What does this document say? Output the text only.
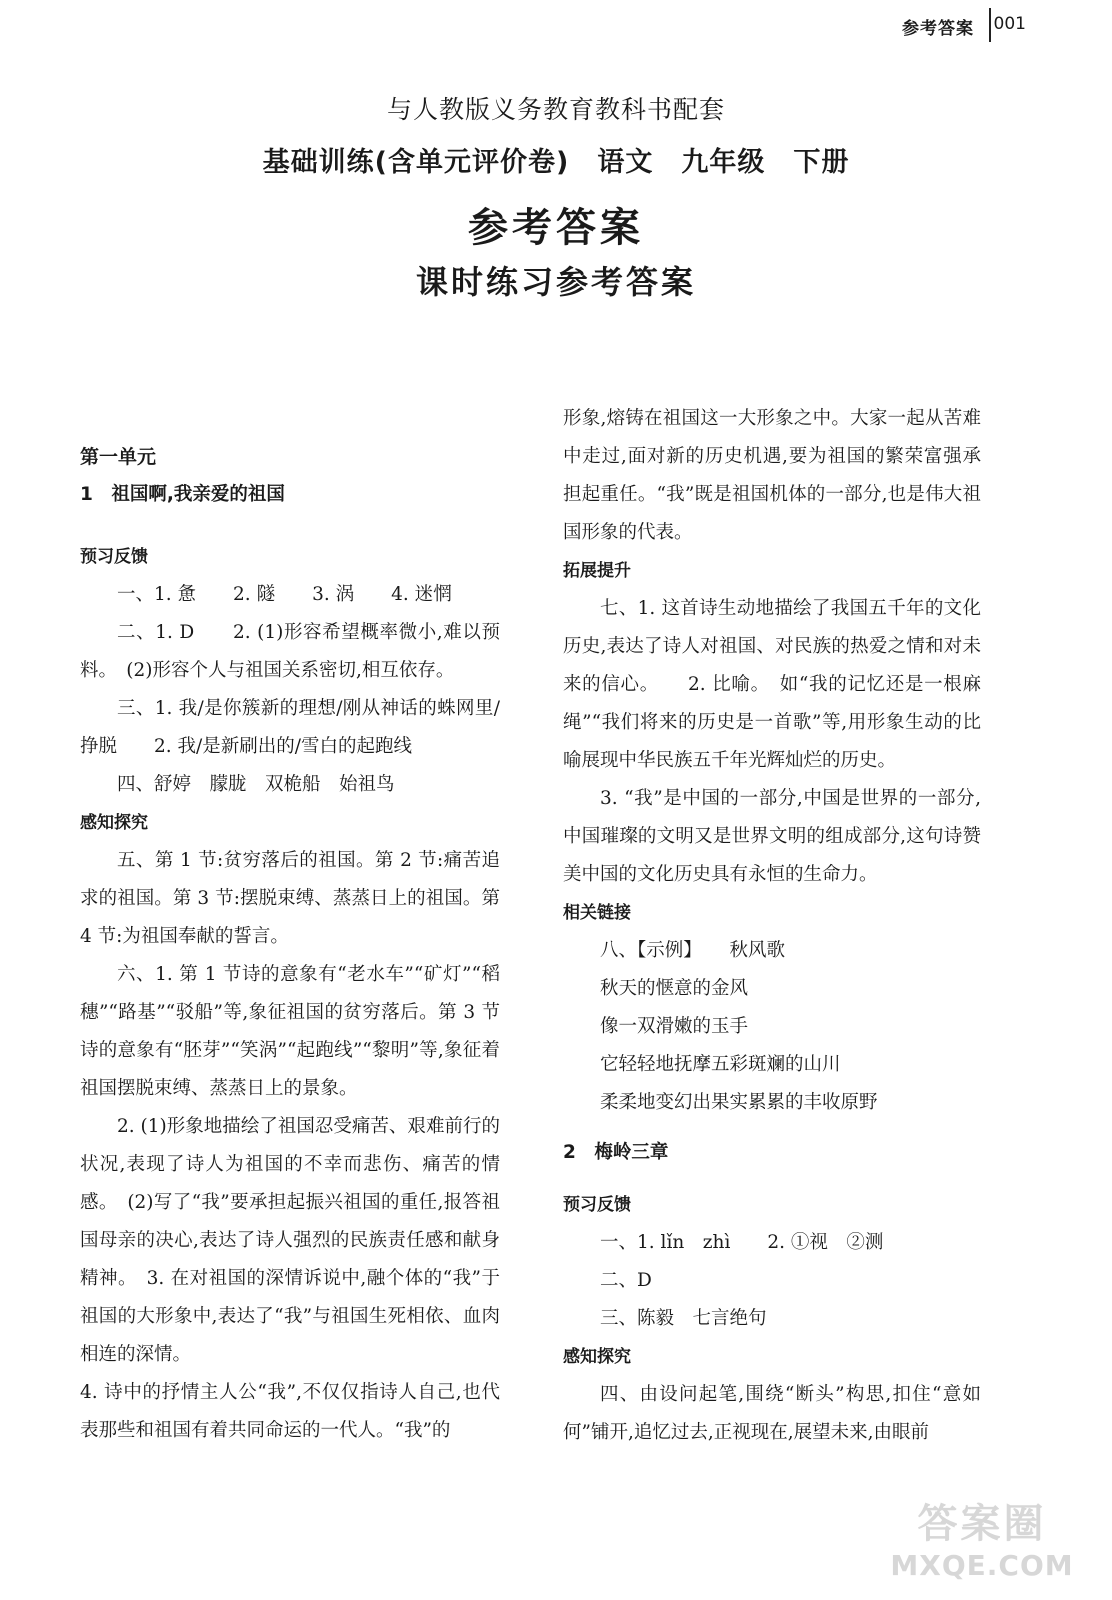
参考答案 001
与人教版义务教育教科书配套
基础训练(含单元评价卷)　语文　九年级　下册
参考答案
课时练习参考答案

第一单元

1　祖国啊,我亲爱的祖国

预习反馈

一、1. 惫　　2. 隧　　3. 涡　　4. 迷惘

二、1. D　　2. (1)形容希望概率微小,难以预料。　(2)形容个人与祖国关系密切,相互依存。

三、1. 我/是你簇新的理想/刚从神话的蛛网里/挣脱　　2. 我/是新刷出的/雪白的起跑线

四、舒婷　朦胧　双桅船　始祖鸟

感知探究

五、第 1 节:贫穷落后的祖国。第 2 节:痛苦追求的祖国。第 3 节:摆脱束缚、蒸蒸日上的祖国。第 4 节:为祖国奉献的誓言。

六、1. 第 1 节诗的意象有“老水车”“矿灯”“稻穗”“路基”“驳船”等,象征祖国的贫穷落后。第 3 节诗的意象有“胚芽”“笑涡”“起跑线”“黎明”等,象征着祖国摆脱束缚、蒸蒸日上的景象。

2. (1)形象地描绘了祖国忍受痛苦、艰难前行的状况,表现了诗人为祖国的不幸而悲伤、痛苦的情感。　(2)写了“我”要承担起振兴祖国的重任,报答祖国母亲的决心,表达了诗人强烈的民族责任感和献身精神。　3. 在对祖国的深情诉说中,融个体的“我”于祖国的大形象中,表达了“我”与祖国生死相依、血肉相连的深情。

4. 诗中的抒情主人公“我”,不仅仅指诗人自己,也代表那些和祖国有着共同命运的一代人。“我”的

形象,熔铸在祖国这一大形象之中。大家一起从苦难中走过,面对新的历史机遇,要为祖国的繁荣富强承担起重任。“我”既是祖国机体的一部分,也是伟大祖国形象的代表。

拓展提升

七、1. 这首诗生动地描绘了我国五千年的文化历史,表达了诗人对祖国、对民族的热爱之情和对未来的信心。　　2. 比喻。　如“我的记忆还是一根麻绳”“我们将来的历史是一首歌”等,用形象生动的比喻展现中华民族五千年光辉灿烂的历史。

3. “我”是中国的一部分,中国是世界的一部分,中国璀璨的文明又是世界文明的组成部分,这句诗赞美中国的文化历史具有永恒的生命力。

相关链接

八、【示例】　　秋风歌

秋天的惬意的金风

像一双滑嫩的玉手

它轻轻地抚摩五彩斑斓的山川

柔柔地变幻出果实累累的丰收原野

2　梅岭三章

预习反馈

一、1. lǐn　zhì　　2. ①视　②测

二、D

三、陈毅　七言绝句

感知探究

四、由设问起笔,围绕“断头”构思,扣住“意如何”铺开,追忆过去,正视现在,展望未来,由眼前

答案圈
MXQE.COM
